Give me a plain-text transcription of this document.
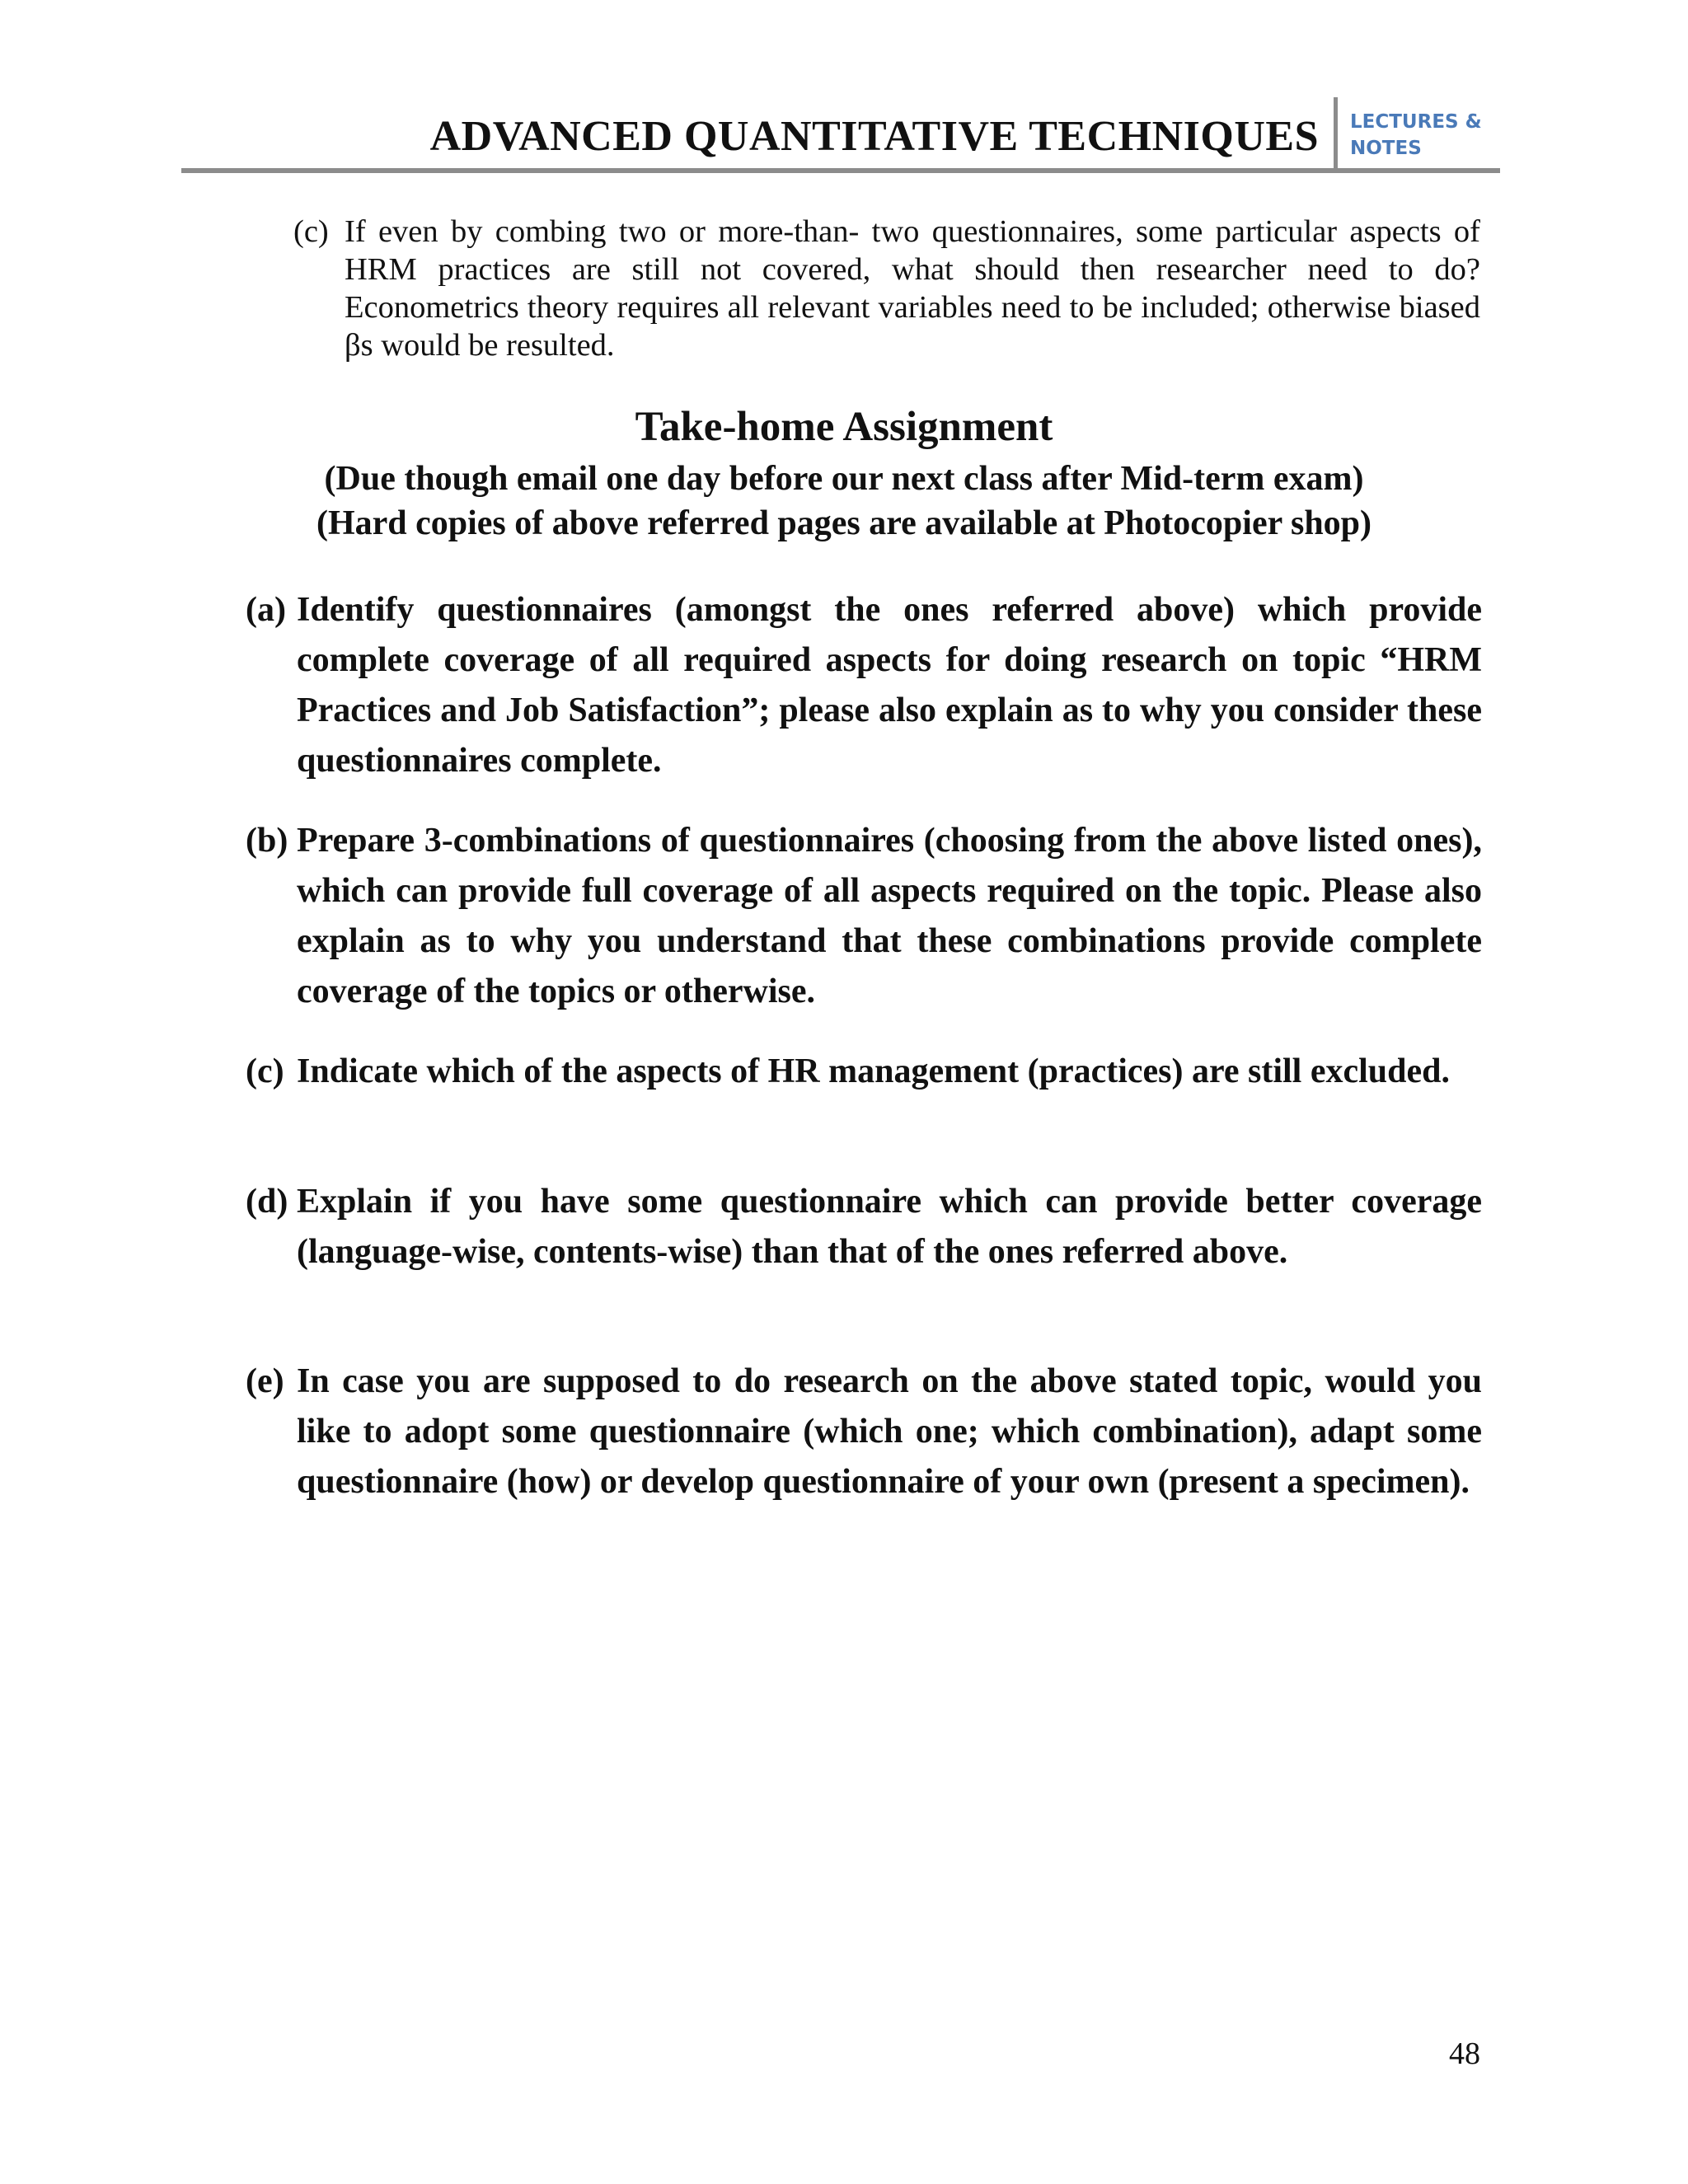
ADVANCED QUANTITATIVE TECHNIQUES LECTURES &
NOTES
(c) If even by combing two or more-than- two questionnaires, some particular aspects of HRM practices are still not covered, what should then researcher need to do? Econometrics theory requires all relevant variables need to be included; otherwise biased βs would be resulted.
Take-home Assignment
(Due though email one day before our next class after Mid-term exam)
(Hard copies of above referred pages are available at Photocopier shop)
(a) Identify questionnaires (amongst the ones referred above) which provide complete coverage of all required aspects for doing research on topic “HRM Practices and Job Satisfaction”; please also explain as to why you consider these questionnaires complete.
(b) Prepare 3-combinations of questionnaires (choosing from the above listed ones), which can provide full coverage of all aspects required on the topic. Please also explain as to why you understand that these combinations provide complete coverage of the topics or otherwise.
(c) Indicate which of the aspects of HR management (practices) are still excluded.
(d) Explain if you have some questionnaire which can provide better coverage (language-wise, contents-wise) than that of the ones referred above.
(e) In case you are supposed to do research on the above stated topic, would you like to adopt some questionnaire (which one; which combination), adapt some questionnaire (how) or develop questionnaire of your own (present a specimen).
48
